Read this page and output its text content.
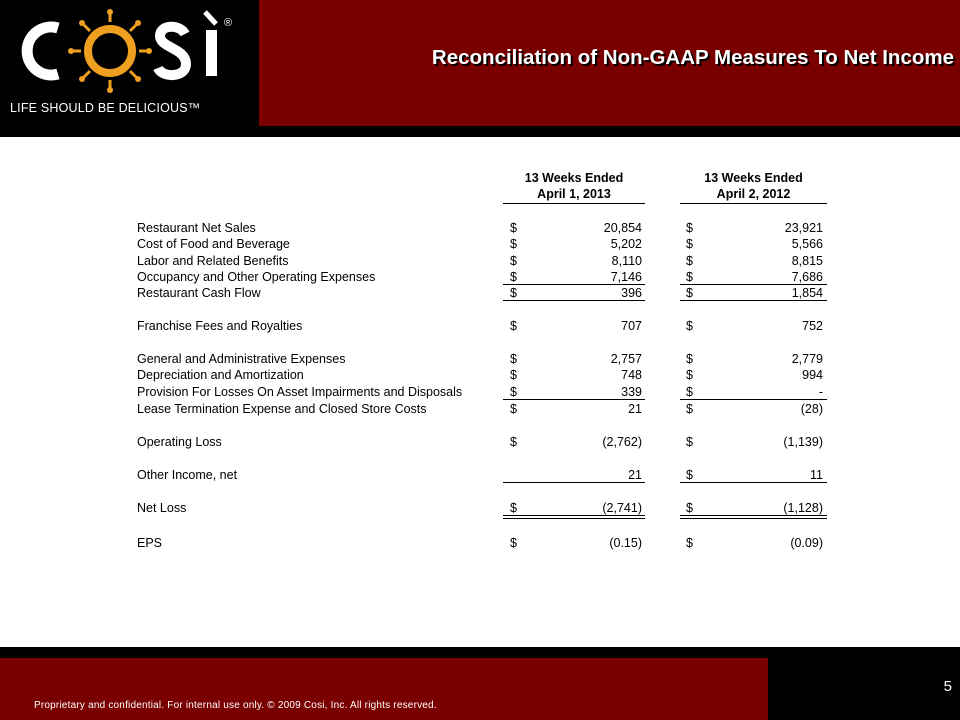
®
LIFE SHOULD BE DELICIOUS™
Reconciliation of Non-GAAP Measures To Net Income
13 Weeks Ended
April 1, 2013
13 Weeks Ended
April 2, 2012
Restaurant Net Sales	$	20,854	$	23,921
Cost of Food and Beverage	$	5,202	$	5,566
Labor and Related Benefits	$	8,110	$	8,815
Occupancy and Other Operating Expenses	$	7,146	$	7,686
Restaurant Cash Flow	$	396	$	1,854
Franchise Fees and Royalties	$	707	$	752
General and Administrative Expenses	$	2,757	$	2,779
Depreciation and Amortization	$	748	$	994
Provision For Losses On Asset Impairments and Disposals	$	339	$	-
Lease Termination Expense and Closed Store Costs	$	21	$	(28)
Operating Loss	$	(2,762)	$	(1,139)
Other Income, net	21	$	11
Net Loss	$	(2,741)	$	(1,128)
EPS	$	(0.15)	$	(0.09)
Proprietary and confidential. For internal use only. © 2009 Cosi, Inc. All rights reserved.
5
